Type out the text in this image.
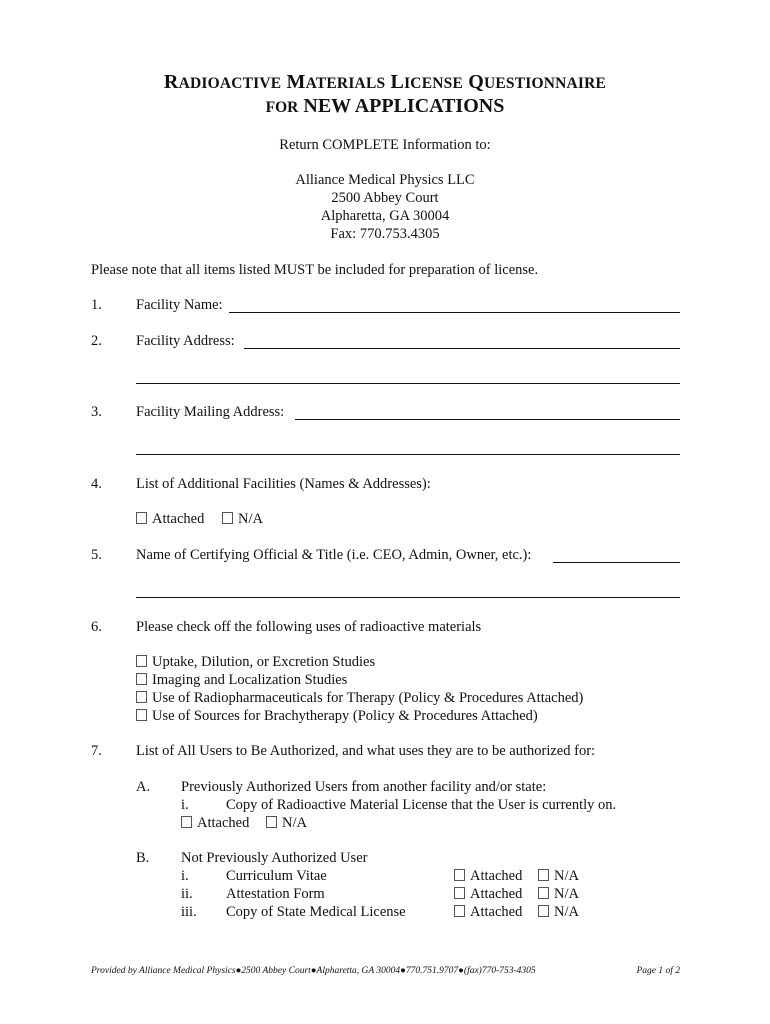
RADIOACTIVE MATERIALS LICENSE QUESTIONNAIRE
FOR NEW APPLICATIONS
Return COMPLETE Information to:
Alliance Medical Physics LLC
2500 Abbey Court
Alpharetta, GA 30004
Fax: 770.753.4305
Please note that all items listed MUST be included for preparation of license.
1. Facility Name:
2. Facility Address:
3. Facility Mailing Address:
4. List of Additional Facilities (Names & Addresses):
Attached	N/A
5. Name of Certifying Official & Title (i.e. CEO, Admin, Owner, etc.):
6. Please check off the following uses of radioactive materials
Uptake, Dilution, or Excretion Studies
Imaging and Localization Studies
Use of Radiopharmaceuticals for Therapy (Policy & Procedures Attached)
Use of Sources for Brachytherapy (Policy & Procedures Attached)
7. List of All Users to Be Authorized, and what uses they are to be authorized for:
A. Previously Authorized Users from another facility and/or state:
i.	Copy of Radioactive Material License that the User is currently on.
Attached	N/A
B. Not Previously Authorized User
i.	Curriculum Vitae	Attached	N/A
ii. Attestation Form	Attached	N/A
iii. Copy of State Medical License	Attached	N/A
Provided by Alliance Medical Physics●2500 Abbey Court●Alpharetta, GA 30004●770.751.9707●(fax)770-753-4305	Page 1 of 2
